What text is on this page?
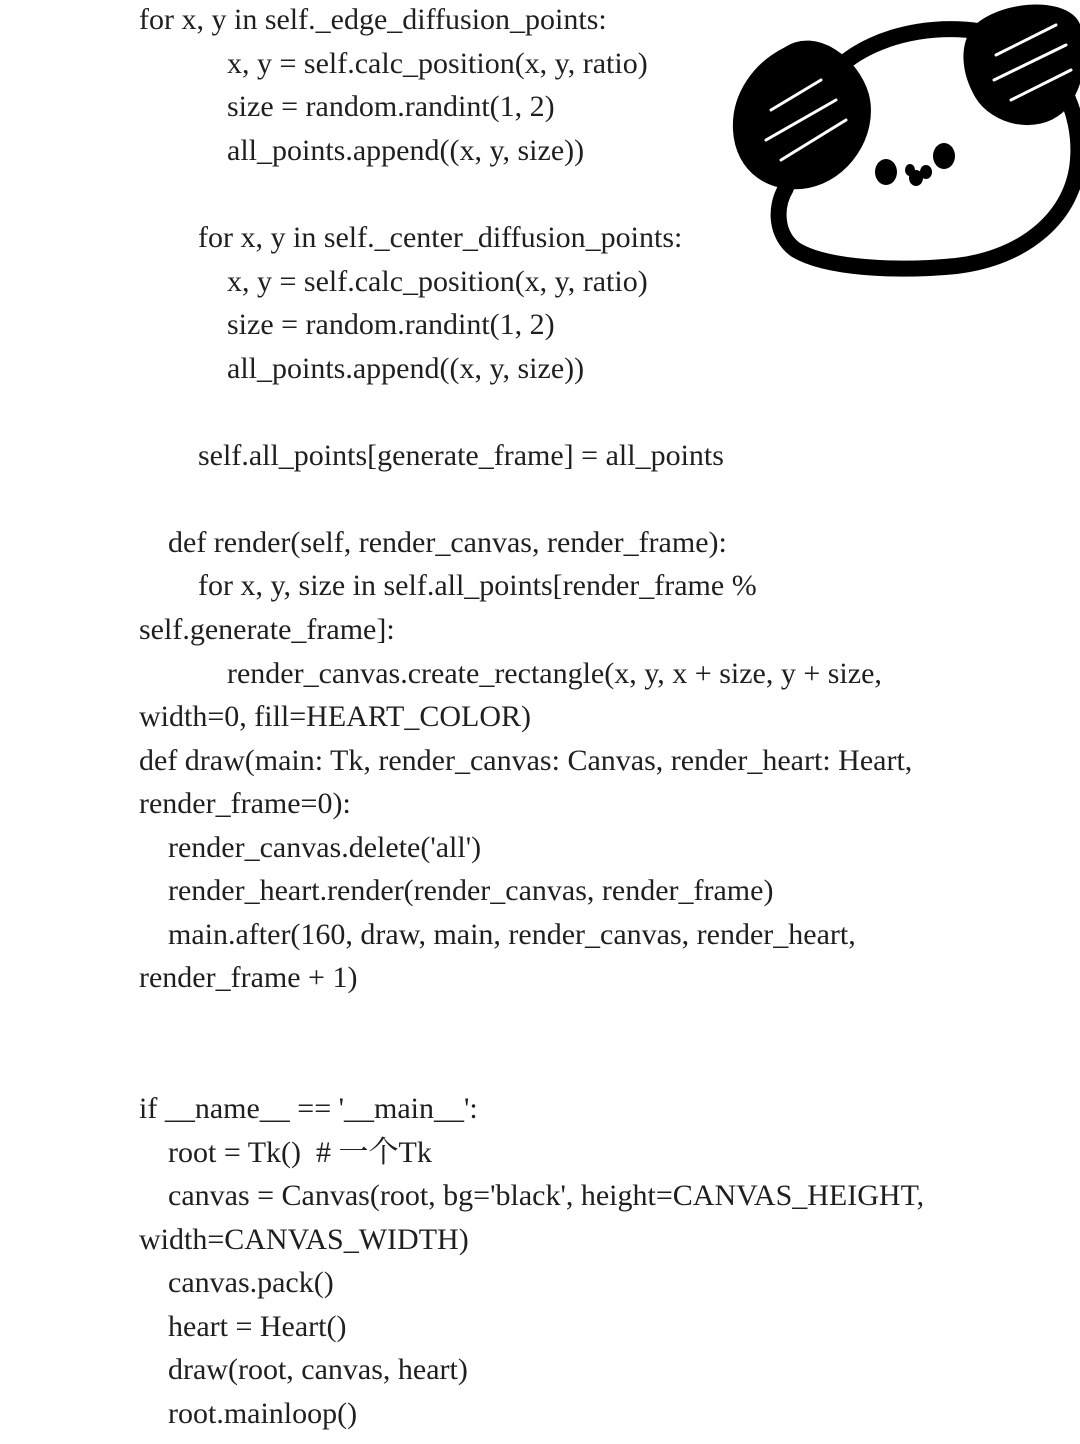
for x, y in self._edge_diffusion_points:
x, y = self.calc_position(x, y, ratio)
size = random.randint(1, 2)
all_points.append((x, y, size))
for x, y in self._center_diffusion_points:
x, y = self.calc_position(x, y, ratio)
size = random.randint(1, 2)
all_points.append((x, y, size))
self.all_points[generate_frame] = all_points
def render(self, render_canvas, render_frame):
for x, y, size in self.all_points[render_frame %
self.generate_frame]:
render_canvas.create_rectangle(x, y, x + size, y + size,
width=0, fill=HEART_COLOR)
def draw(main: Tk, render_canvas: Canvas, render_heart: Heart,
render_frame=0):
render_canvas.delete('all')
render_heart.render(render_canvas, render_frame)
main.after(160, draw, main, render_canvas, render_heart,
render_frame + 1)
if __name__ == '__main__':
root = Tk()  # 一个Tk
canvas = Canvas(root, bg='black', height=CANVAS_HEIGHT,
width=CANVAS_WIDTH)
canvas.pack()
heart = Heart()
draw(root, canvas, heart)
root.mainloop()
